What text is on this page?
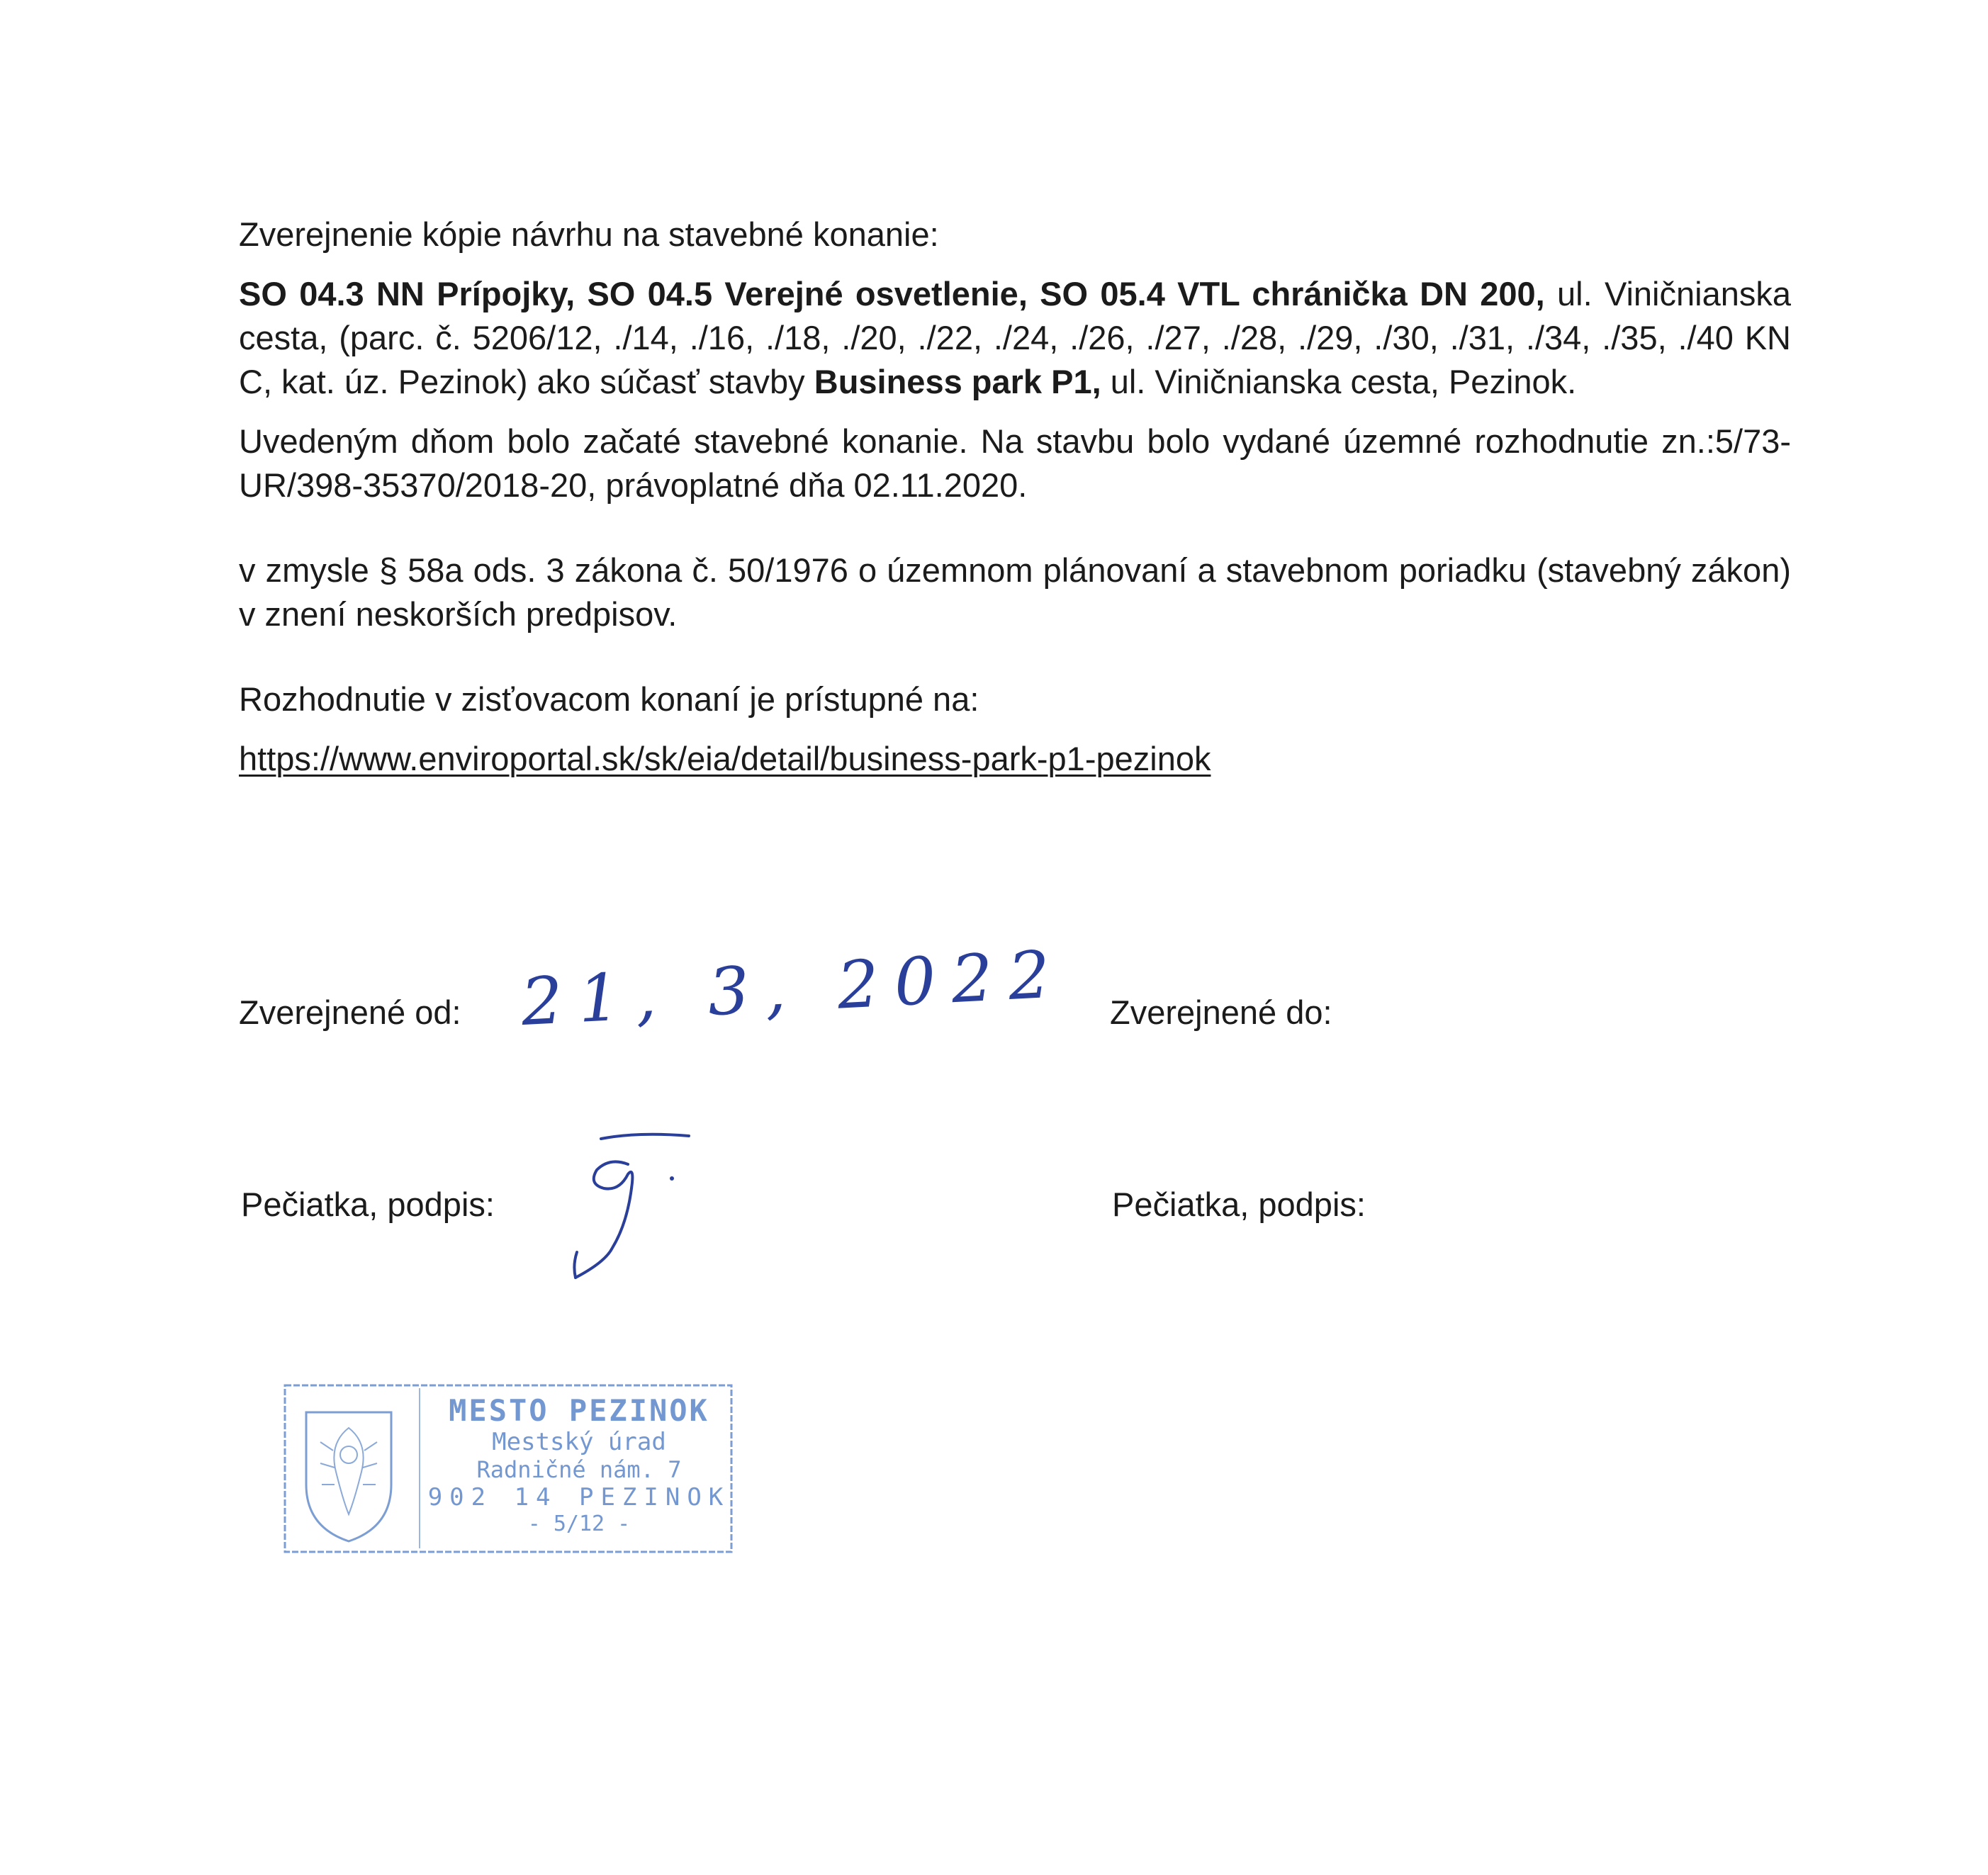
Zverejnenie kópie návrhu na stavebné konanie:

SO 04.3 NN Prípojky, SO 04.5 Verejné osvetlenie, SO 05.4 VTL chránička DN 200, ul. Viničnianska cesta, (parc. č. 5206/12, ./14, ./16, ./18, ./20, ./22, ./24, ./26, ./27, ./28, ./29, ./30, ./31, ./34, ./35, ./40 KN C, kat. úz. Pezinok) ako súčasť stavby Business park P1, ul. Viničnianska cesta, Pezinok.

Uvedeným dňom bolo začaté stavebné konanie. Na stavbu bolo vydané územné rozhodnutie zn.:5/73-UR/398-35370/2018-20, právoplatné dňa 02.11.2020.

v zmysle § 58a ods. 3 zákona č. 50/1976 o územnom plánovaní a stavebnom poriadku (stavebný zákon) v znení neskorších predpisov.

Rozhodnutie v zisťovacom konaní je prístupné na:

https://www.enviroportal.sk/sk/eia/detail/business-park-p1-pezinok

Zverejnené od: 21, 3, 2022 Zverejnené do:
Pečiatka, podpis:	Pečiatka, podpis:
MESTO PEZINOK
Mestský úrad
Radničné nám. 7
902 14 PEZINOK
- 5/12 -
